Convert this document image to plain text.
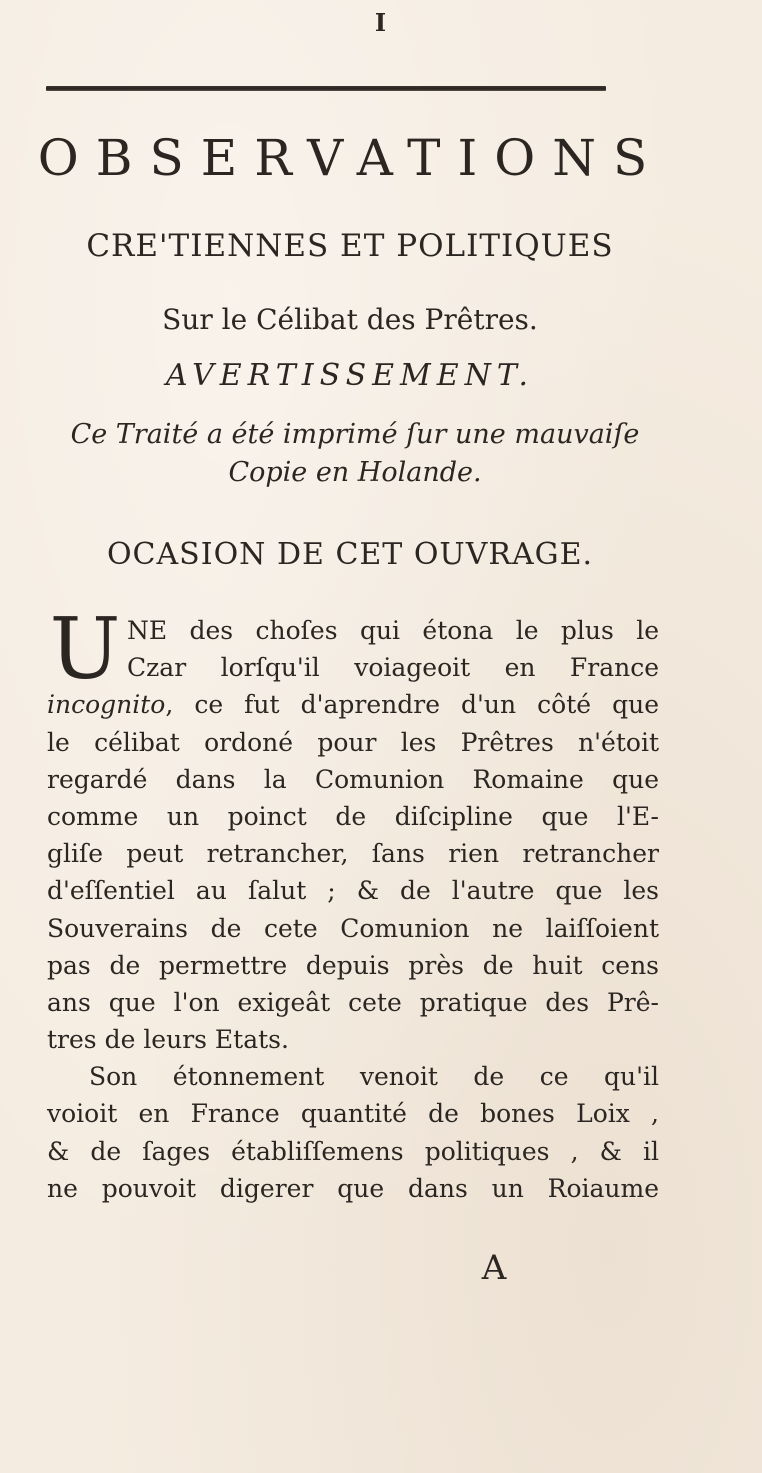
I
OBSERVATIONS
CRE'TIENNES ET POLITIQUES
Sur le Célibat des Prêtres.
AVERTISSEMENT.
Ce Traité a été imprimé ſur une mauvaiſe
Copie en Holande.
OCASION DE CET OUVRAGE.
U NE des choſes qui étona le plus le
Czar lorſqu'il voiageoit en France
incognito, ce fut d'aprendre d'un côté que
le célibat ordoné pour les Prêtres n'étoit
regardé dans la Comunion Romaine que
comme un poinct de diſcipline que l'E-
gliſe peut retrancher, ſans rien retrancher
d'eſſentiel au ſalut ; & de l'autre que les
Souverains de cete Comunion ne laiſſoient
pas de permettre depuis près de huit cens
ans que l'on exigeât cete pratique des Prê-
tres de leurs Etats.
Son étonnement venoit de ce qu'il
voioit en France quantité de bones Loix ,
& de ſages établiſſemens politiques , & il
ne pouvoit digerer que dans un Roiaume
A
